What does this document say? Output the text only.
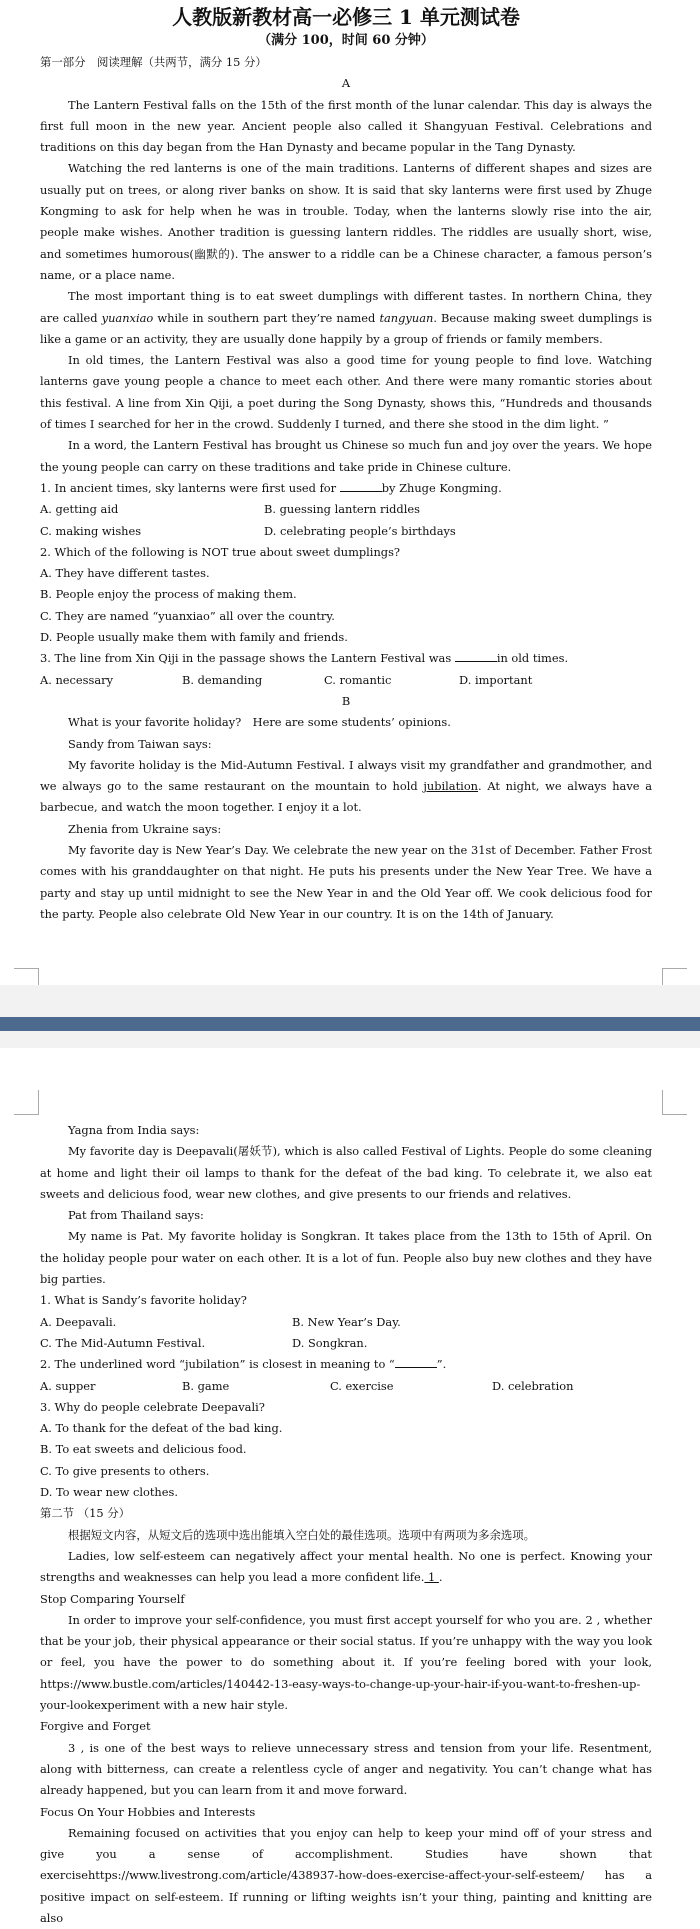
人教版新教材高一必修三 1 单元测试卷

（满分 100，时间 60 分钟）

第一部分　阅读理解（共两节，满分 15 分）

A

The Lantern Festival falls on the 15th of the first month of the lunar calendar. This day is always the first full moon in the new year. Ancient people also called it Shangyuan Festival. Celebrations and traditions on this day began from the Han Dynasty and became popular in the Tang Dynasty.

Watching the red lanterns is one of the main traditions. Lanterns of different shapes and sizes are usually put on trees, or along river banks on show. It is said that sky lanterns were first used by Zhuge Kongming to ask for help when he was in trouble. Today, when the lanterns slowly rise into the air, people make wishes. Another tradition is guessing lantern riddles. The riddles are usually short, wise, and sometimes humorous(幽默的). The answer to a riddle can be a Chinese character, a famous person’s name, or a place name.

The most important thing is to eat sweet dumplings with different tastes. In northern China, they are called yuanxiao while in southern part they’re named tangyuan. Because making sweet dumplings is like a game or an activity, they are usually done happily by a group of friends or family members.

In old times, the Lantern Festival was also a good time for young people to find love. Watching lanterns gave young people a chance to meet each other. And there were many romantic stories about this festival. A line from Xin Qiji, a poet during the Song Dynasty, shows this, “Hundreds and thousands of times I searched for her in the crowd. Suddenly I turned, and there she stood in the dim light. ”

In a word, the Lantern Festival has brought us Chinese so much fun and joy over the years. We hope the young people can carry on these traditions and take pride in Chinese culture.

1. In ancient times, sky lanterns were first used for	by Zhuge Kongming.

A. getting aid	B. guessing lantern riddles
C. making wishes	D. celebrating people’s birthdays

2. Which of the following is NOT true about sweet dumplings?

A. They have different tastes.

B. People enjoy the process of making them.

C. They are named “yuanxiao” all over the country.

D. People usually make them with family and friends.

3. The line from Xin Qiji in the passage shows the Lantern Festival was	in old times.

A. necessary	B. demanding	C. romantic	D. important

B

What is your favorite holiday?　Here are some students’ opinions.

Sandy from Taiwan says:

My favorite holiday is the Mid-Autumn Festival. I always visit my grandfather and grandmother, and we always go to the same restaurant on the mountain to hold jubilation. At night, we always have a barbecue, and watch the moon together. I enjoy it a lot.

Zhenia from Ukraine says:

My favorite day is New Year’s Day. We celebrate the new year on the 31st of December. Father Frost comes with his granddaughter on that night. He puts his presents under the New Year Tree. We have a party and stay up until midnight to see the New Year in and the Old Year off. We cook delicious food for the party. People also celebrate Old New Year in our country. It is on the 14th of January.

Yagna from India says:

My favorite day is Deepavali(屠妖节), which is also called Festival of Lights. People do some cleaning at home and light their oil lamps to thank for the defeat of the bad king. To celebrate it, we also eat sweets and delicious food, wear new clothes, and give presents to our friends and relatives.

Pat from Thailand says:

My name is Pat. My favorite holiday is Songkran. It takes place from the 13th to 15th of April. On the holiday people pour water on each other. It is a lot of fun. People also buy new clothes and they have big parties.

1. What is Sandy’s favorite holiday?

A. Deepavali.	B. New Year’s Day.
C. The Mid-Autumn Festival.	D. Songkran.

2. The underlined word “jubilation” is closest in meaning to “	”.

A. supper	B. game	C. exercise	D. celebration

3. Why do people celebrate Deepavali?

A. To thank for the defeat of the bad king.

B. To eat sweets and delicious food.

C. To give presents to others.

D. To wear new clothes.

第二节 （15 分）

根据短文内容，从短文后的选项中选出能填入空白处的最佳选项。选项中有两项为多余选项。

Ladies, low self-esteem can negatively affect your mental health. No one is perfect. Knowing your strengths and weaknesses can help you lead a more confident life. 1 .

Stop Comparing Yourself

In order to improve your self-confidence, you must first accept yourself for who you are. 2 , whether that be your job, their physical appearance or their social status. If you’re unhappy with the way you look or feel, you have the power to do something about it. If you’re feeling bored with your look, https://www.bustle.com/articles/140442-13-easy-ways-to-change-up-your-hair-if-you-want-to-freshen-up-your-lookexperiment with a new hair style.

Forgive and Forget

3 , is one of the best ways to relieve unnecessary stress and tension from your life. Resentment, along with bitterness, can create a relentless cycle of anger and negativity. You can’t change what has already happened, but you can learn from it and move forward.

Focus On Your Hobbies and Interests

Remaining focused on activities that you enjoy can help to keep your mind off of your stress and give you a sense of accomplishment. Studies have shown that exercisehttps://www.livestrong.com/article/438937-how-does-exercise-affect-your-self-esteem/ has a positive impact on self-esteem. If running or lifting weights isn’t your thing, painting and knitting are also
